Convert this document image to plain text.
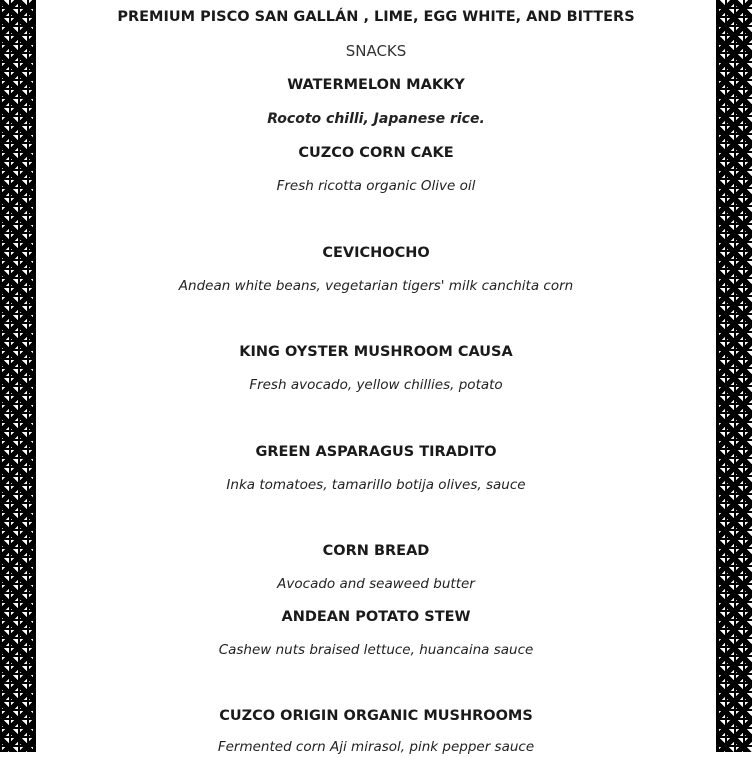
PREMIUM PISCO SAN GALLÁN , LIME, EGG WHITE, AND BITTERS
SNACKS
WATERMELON MAKKY
Rocoto chilli, Japanese rice.
CUZCO CORN CAKE
Fresh ricotta organic Olive oil
CEVICHOCHO
Andean white beans, vegetarian tigers' milk canchita corn
KING OYSTER MUSHROOM CAUSA
Fresh avocado, yellow chillies, potato
GREEN ASPARAGUS TIRADITO
Inka tomatoes, tamarillo botija olives, sauce
CORN BREAD
Avocado and seaweed butter
ANDEAN POTATO STEW
Cashew nuts braised lettuce, huancaina sauce
CUZCO ORIGIN ORGANIC MUSHROOMS
Fermented corn Aji mirasol, pink pepper sauce
